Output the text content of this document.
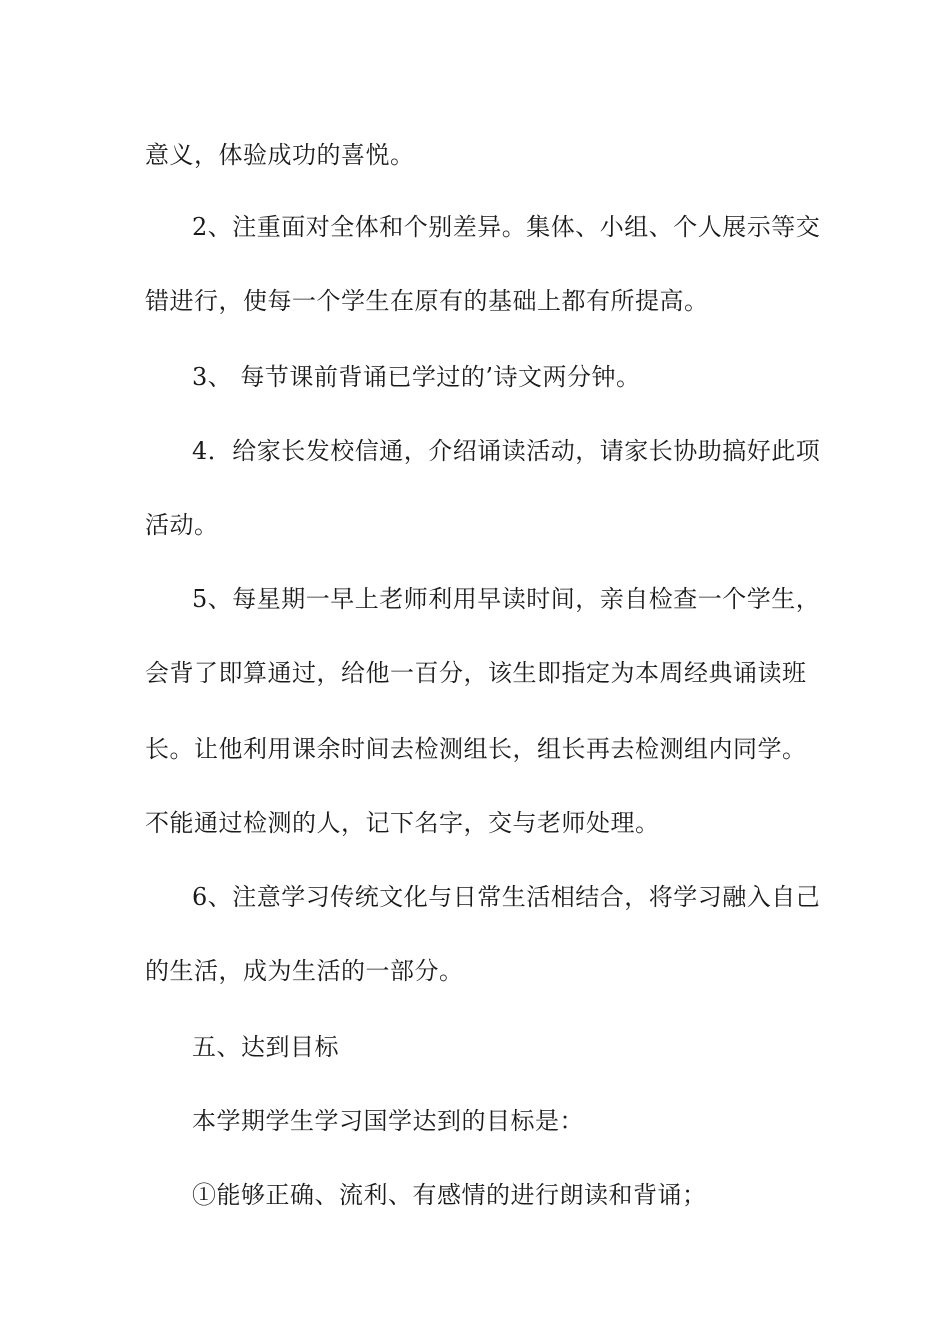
意义，体验成功的喜悦。
2、注重面对全体和个别差异。集体、小组、个人展示等交
错进行，使每一个学生在原有的基础上都有所提高。
3、 每节课前背诵已学过的’诗文两分钟。
4．给家长发校信通，介绍诵读活动，请家长协助搞好此项
活动。
5、每星期一早上老师利用早读时间，亲自检查一个学生，
会背了即算通过，给他一百分，该生即指定为本周经典诵读班
长。让他利用课余时间去检测组长，组长再去检测组内同学。
不能通过检测的人，记下名字，交与老师处理。
6、注意学习传统文化与日常生活相结合，将学习融入自己
的生活，成为生活的一部分。
五、达到目标
本学期学生学习国学达到的目标是：
①能够正确、流利、有感情的进行朗读和背诵；
